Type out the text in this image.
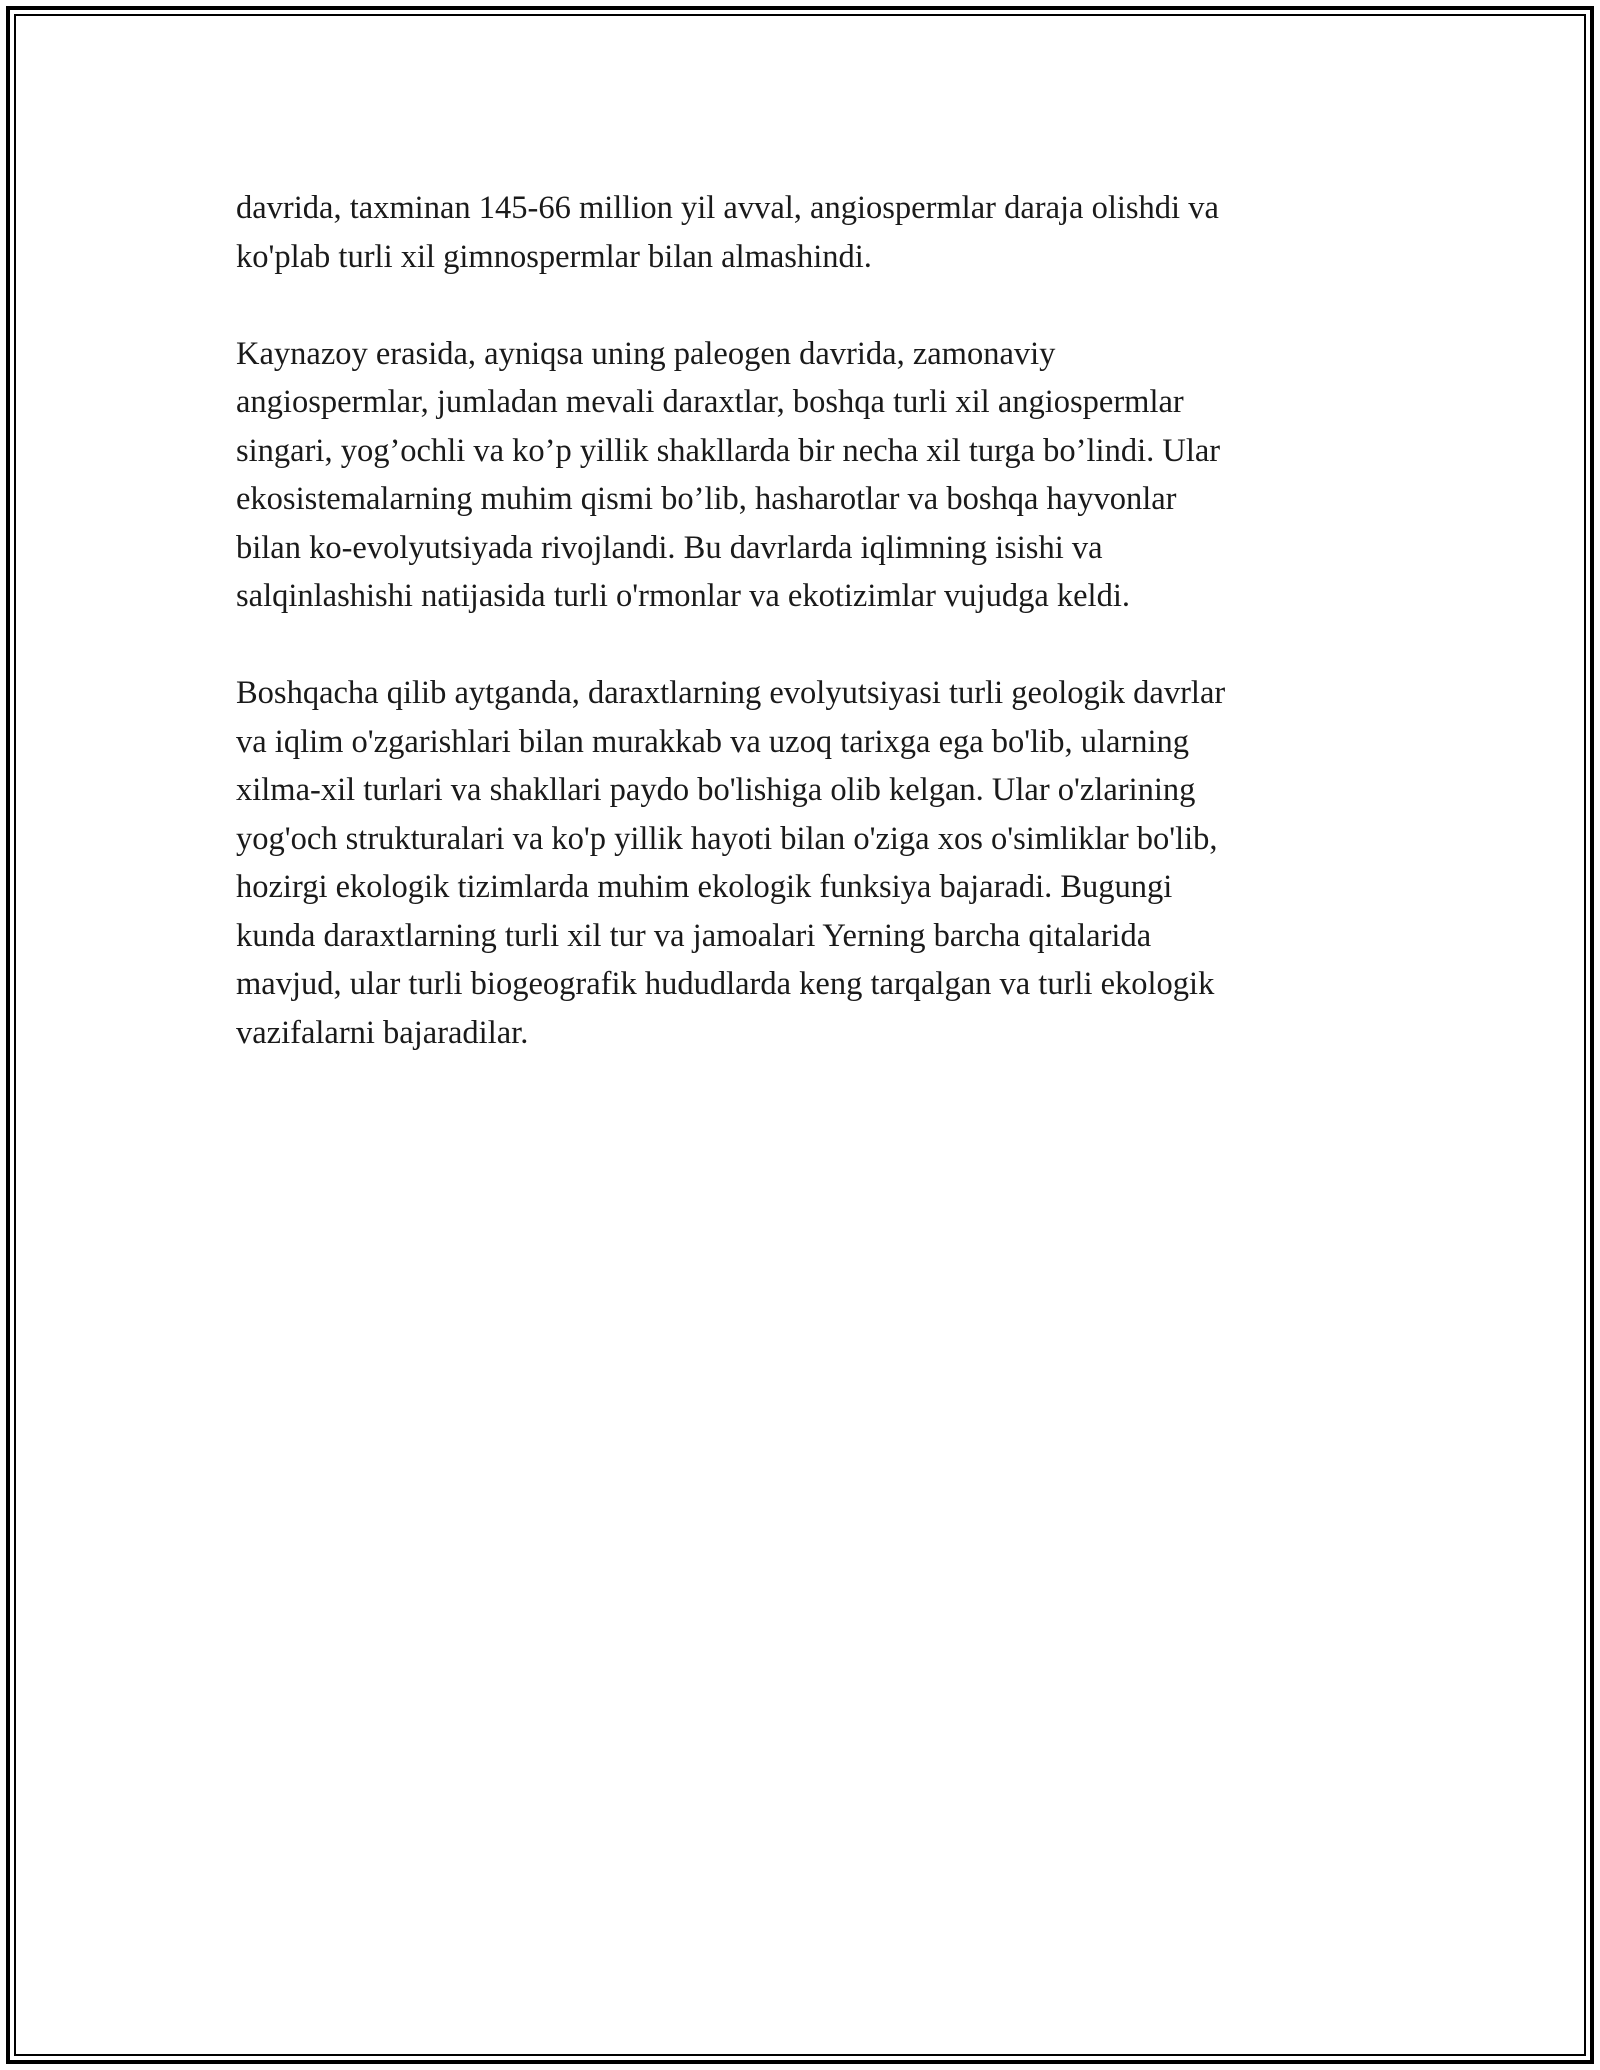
davrida, taxminan 145-66 million yil avval, angiospermlar daraja olishdi va
ko'plab turli xil gimnospermlar bilan almashindi.

Kaynazoy erasida, ayniqsa uning paleogen davrida, zamonaviy
angiospermlar, jumladan mevali daraxtlar, boshqa turli xil angiospermlar
singari, yog’ochli va ko’p yillik shakllarda bir necha xil turga bo’lindi. Ular
ekosistemalarning muhim qismi bo’lib, hasharotlar va boshqa hayvonlar
bilan ko-evolyutsiyada rivojlandi. Bu davrlarda iqlimning isishi va
salqinlashishi natijasida turli o'rmonlar va ekotizimlar vujudga keldi.

Boshqacha qilib aytganda, daraxtlarning evolyutsiyasi turli geologik davrlar
va iqlim o'zgarishlari bilan murakkab va uzoq tarixga ega bo'lib, ularning
xilma-xil turlari va shakllari paydo bo'lishiga olib kelgan. Ular o'zlarining
yog'och strukturalari va ko'p yillik hayoti bilan o'ziga xos o'simliklar bo'lib,
hozirgi ekologik tizimlarda muhim ekologik funksiya bajaradi. Bugungi
kunda daraxtlarning turli xil tur va jamoalari Yerning barcha qitalarida
mavjud, ular turli biogeografik hududlarda keng tarqalgan va turli ekologik
vazifalarni bajaradilar.
